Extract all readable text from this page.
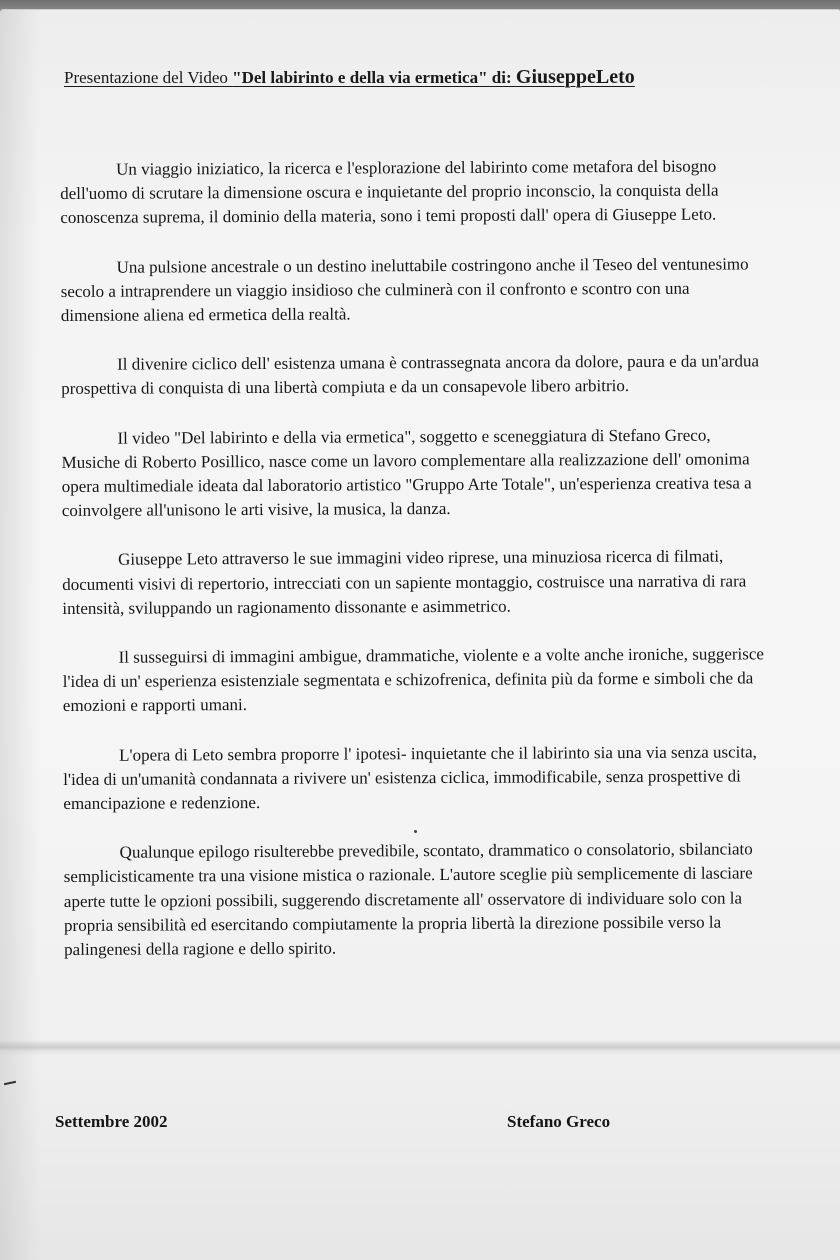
Presentazione del Video "Del labirinto e della via ermetica" di: GiuseppeLeto

Un viaggio iniziatico, la ricerca e l'esplorazione del labirinto come metafora del bisogno dell'uomo di scrutare la dimensione oscura e inquietante del proprio inconscio, la conquista della conoscenza suprema, il dominio della materia, sono i temi proposti dall' opera di Giuseppe Leto.

Una pulsione ancestrale o un destino ineluttabile costringono anche il Teseo del ventunesimo secolo a intraprendere un viaggio insidioso che culminerà con il confronto e scontro con una dimensione aliena ed ermetica della realtà.

Il divenire ciclico dell' esistenza umana è contrassegnata ancora da dolore, paura e da un'ardua prospettiva di conquista di una libertà compiuta e da un consapevole libero arbitrio.

Il video "Del labirinto e della via ermetica", soggetto e sceneggiatura di Stefano Greco, Musiche di Roberto Posillico, nasce come un lavoro complementare alla realizzazione dell' omonima opera multimediale ideata dal laboratorio artistico "Gruppo Arte Totale", un'esperienza creativa tesa a coinvolgere all'unisono le arti visive, la musica, la danza.

Giuseppe Leto attraverso le sue immagini video riprese, una minuziosa ricerca di filmati, documenti visivi di repertorio, intrecciati con un sapiente montaggio, costruisce una narrativa di rara intensità, sviluppando un ragionamento dissonante e asimmetrico.

Il susseguirsi di immagini ambigue, drammatiche, violente e a volte anche ironiche, suggerisce l'idea di un' esperienza esistenziale segmentata e schizofrenica, definita più da forme e simboli che da emozioni e rapporti umani.

L'opera di Leto sembra proporre l' ipotesi- inquietante che il labirinto sia una via senza uscita, l'idea di un'umanità condannata a rivivere un' esistenza ciclica, immodificabile, senza prospettive di emancipazione e redenzione.

Qualunque epilogo risulterebbe prevedibile, scontato, drammatico o consolatorio, sbilanciato semplicisticamente tra una visione mistica o razionale. L'autore sceglie più semplicemente di lasciare aperte tutte le opzioni possibili, suggerendo discretamente all' osservatore di individuare solo con la propria sensibilità ed esercitando compiutamente la propria libertà la direzione possibile verso la palingenesi della ragione e dello spirito.

Settembre 2002	Stefano Greco
